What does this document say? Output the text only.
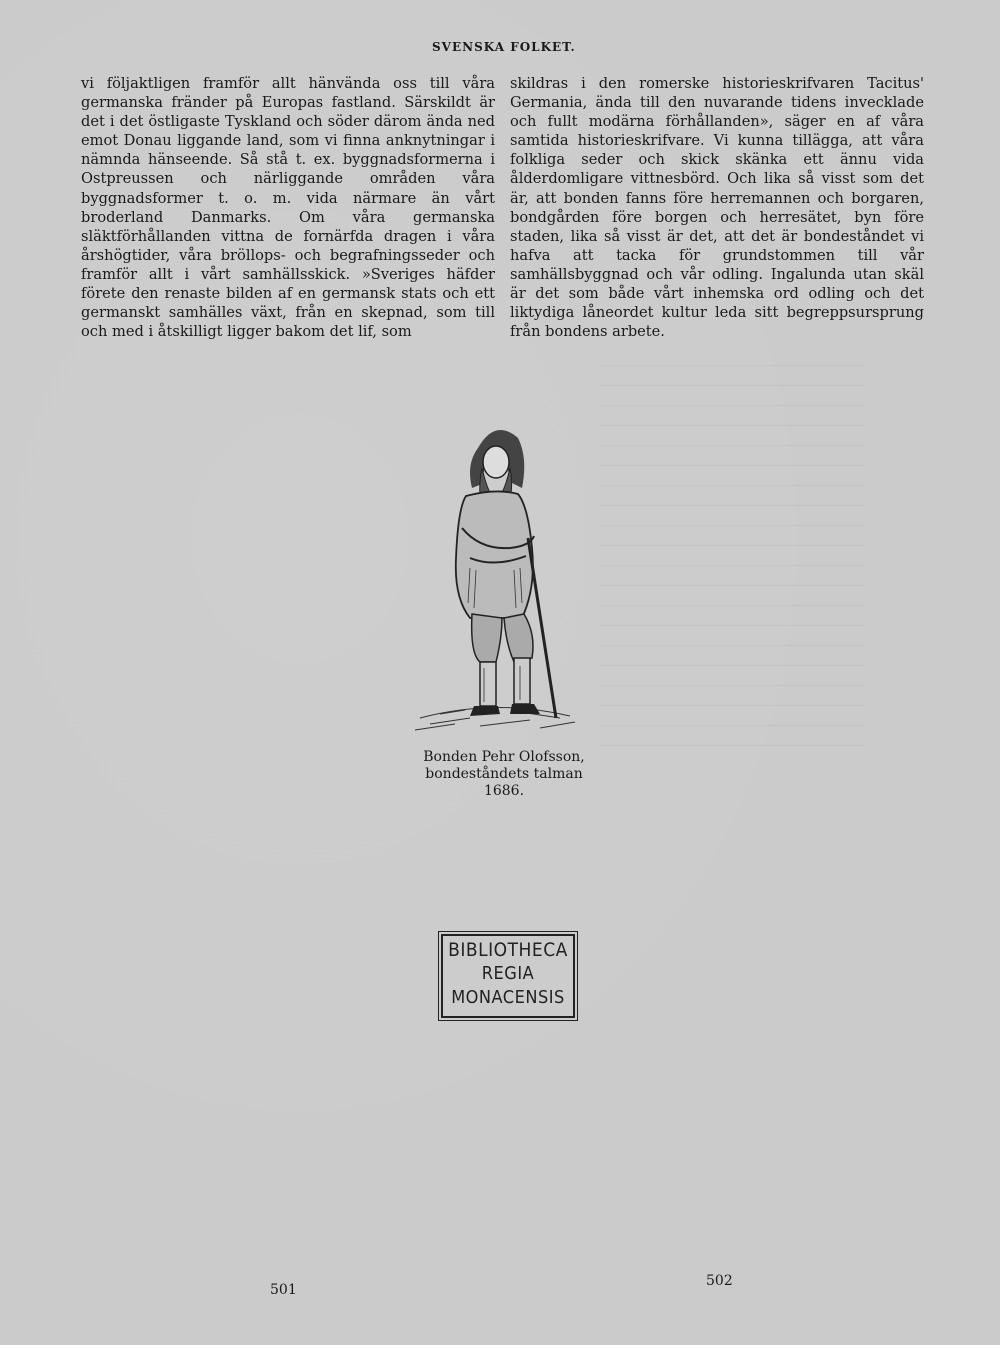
SVENSKA FOLKET.

vi följaktligen framför allt hänvända oss till våra germanska fränder på Europas fastland. Särskildt är det i det östligaste Tyskland och söder därom ända ned emot Donau liggande land, som vi finna anknytningar i nämnda hänseende. Så stå t. ex. byggnadsformerna i Ostpreussen och närliggande områden våra byggnadsformer t. o. m. vida närmare än vårt broderland Danmarks. Om våra germanska släktförhållanden vittna de fornärfda dragen i våra årshögtider, våra bröllops- och begrafningsseder och framför allt i vårt samhällsskick. »Sveriges häfder förete den renaste bilden af en germansk stats och ett germanskt samhälles växt, från en skepnad, som till och med i åtskilligt ligger bakom det lif, som

skildras i den romerske historieskrifvaren Tacitus' Germania, ända till den nuvarande tidens invecklade och fullt modärna förhållanden», säger en af våra samtida historieskrifvare. Vi kunna tillägga, att våra folkliga seder och skick skänka ett ännu vida ålderdomligare vittnesbörd. Och lika så visst som det är, att bonden fanns före herremannen och borgaren, bondgården före borgen och herresätet, byn före staden, lika så visst är det, att det är bondeståndet vi hafva att tacka för grundstommen till vår samhällsbyggnad och vår odling. Ingalunda utan skäl är det som både vårt inhemska ord odling och det liktydiga låneordet kultur leda sitt begreppsursprung från bondens arbete.

________________________________________________
________________________________________________
________________________________________________
________________________________________________
________________________________________________
________________________________________________
________________________________________________
________________________________________________
________________________________________________
________________________________________________
________________________________________________
________________________________________________
________________________________________________
________________________________________________
________________________________________________
________________________________________________
________________________________________________
________________________________________________
________________________________________________
________________________________________________
Bonden Pehr Olofsson,
bondeståndets talman 1686.
BIBLIOTHECA
REGIA
MONACENSIS
501
502
